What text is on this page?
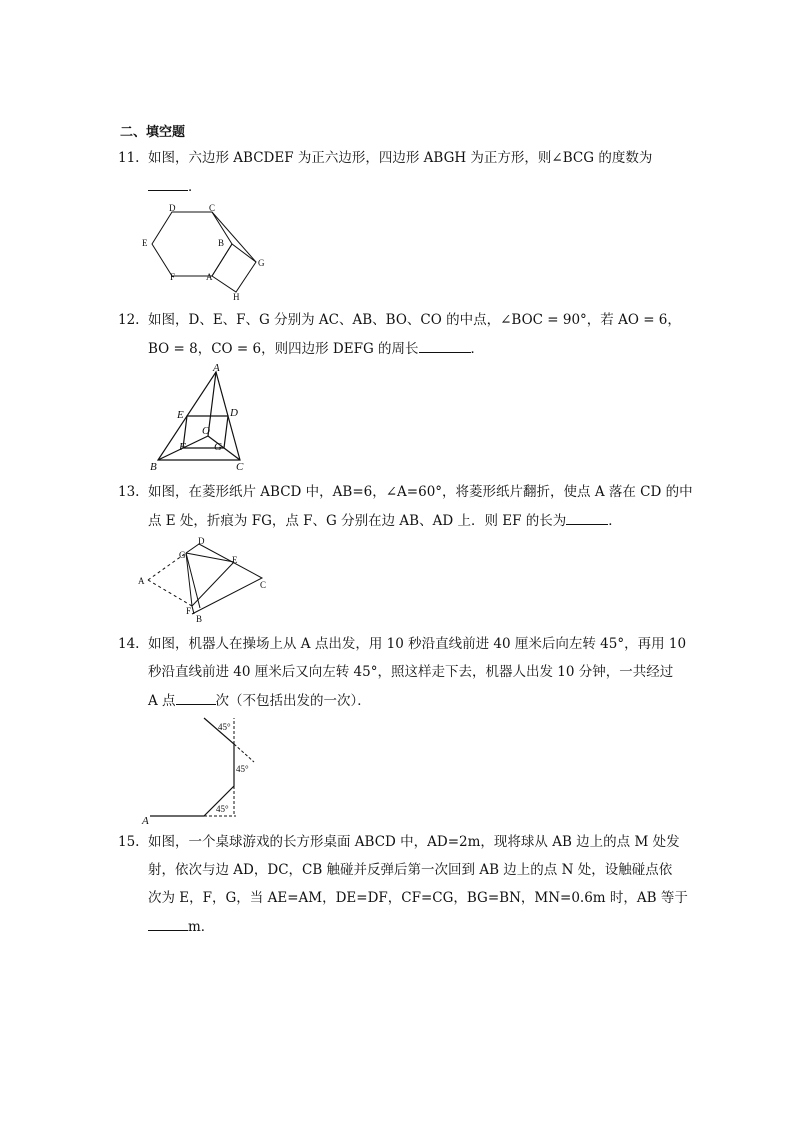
二、填空题
11. 如图，六边形 ABCDEF 为正六边形，四边形 ABGH 为正方形，则∠BCG 的度数为
．
D	C
E	B
G
F	A
H
12. 如图，D、E、F、G 分别为 AC、AB、BO、CO 的中点，∠BOC = 90°，若 AO = 6，
BO = 8，CO = 6，则四边形 DEFG 的周长	．
A
E	D
O
F	G
B	C
13. 如图，在菱形纸片 ABCD 中，AB=6，∠A=60°，将菱形纸片翻折，使点 A 落在 CD 的中
点 E 处，折痕为 FG，点 F、G 分别在边 AB、AD 上．则 EF 的长为	．
D
G	E
A	C
F
B
14. 如图，机器人在操场上从 A 点出发，用 10 秒沿直线前进 40 厘米后向左转 45°，再用 10
秒沿直线前进 40 厘米后又向左转 45°，照这样走下去，机器人出发 10 分钟，一共经过
A 点	次（不包括出发的一次）．
45°
45°
45°
A
15. 如图，一个桌球游戏的长方形桌面 ABCD 中，AD=2m，现将球从 AB 边上的点 M 处发
射，依次与边 AD，DC，CB 触碰并反弹后第一次回到 AB 边上的点 N 处，设触碰点依
次为 E，F，G，当 AE=AM，DE=DF，CF=CG，BG=BN，MN=0.6m 时，AB 等于
m．
